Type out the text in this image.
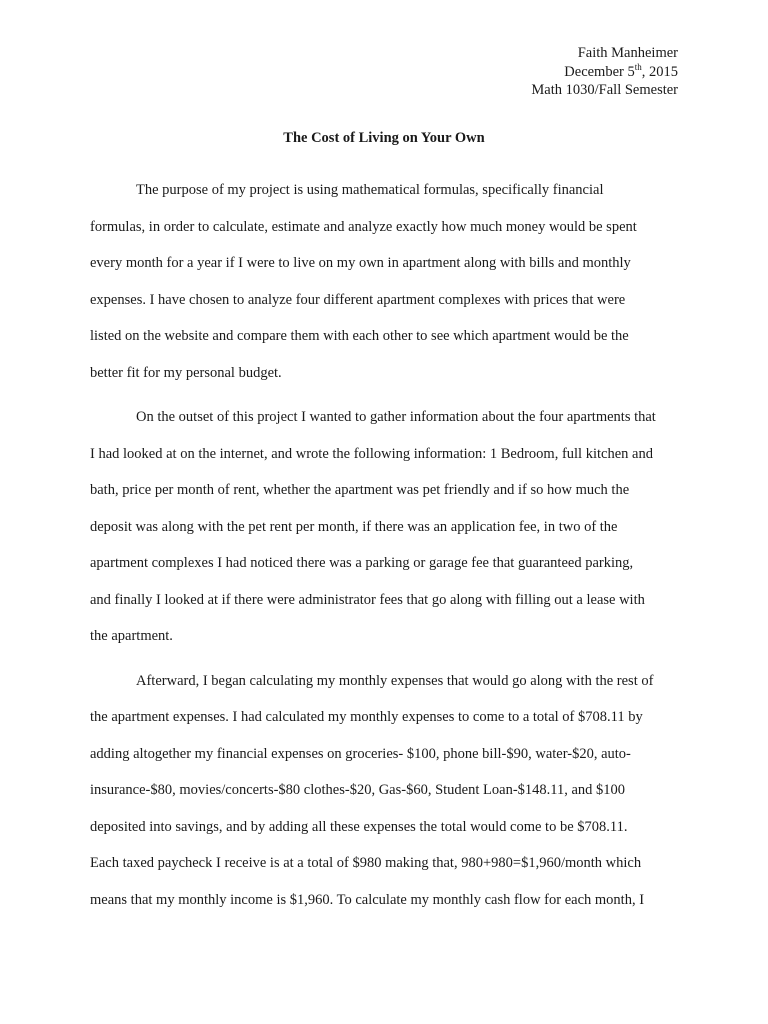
Faith Manheimer
December 5th, 2015
Math 1030/Fall Semester
The Cost of Living on Your Own
The purpose of my project is using mathematical formulas, specifically financial
formulas, in order to calculate, estimate and analyze exactly how much money would be spent
every month for a year if I were to live on my own in apartment along with bills and monthly
expenses. I have chosen to analyze four different apartment complexes with prices that were
listed on the website and compare them with each other to see which apartment would be the
better fit for my personal budget.
On the outset of this project I wanted to gather information about the four apartments that
I had looked at on the internet, and wrote the following information: 1 Bedroom, full kitchen and
bath, price per month of rent, whether the apartment was pet friendly and if so how much the
deposit was along with the pet rent per month, if there was an application fee, in two of the
apartment complexes I had noticed there was a parking or garage fee that guaranteed parking,
and finally I looked at if there were administrator fees that go along with filling out a lease with
the apartment.
Afterward, I began calculating my monthly expenses that would go along with the rest of
the apartment expenses. I had calculated my monthly expenses to come to a total of $708.11 by
adding altogether my financial expenses on groceries- $100, phone bill-$90, water-$20, auto-
insurance-$80, movies/concerts-$80 clothes-$20, Gas-$60, Student Loan-$148.11, and $100
deposited into savings, and by adding all these expenses the total would come to be $708.11.
Each taxed paycheck I receive is at a total of $980 making that, 980+980=$1,960/month which
means that my monthly income is $1,960. To calculate my monthly cash flow for each month, I
